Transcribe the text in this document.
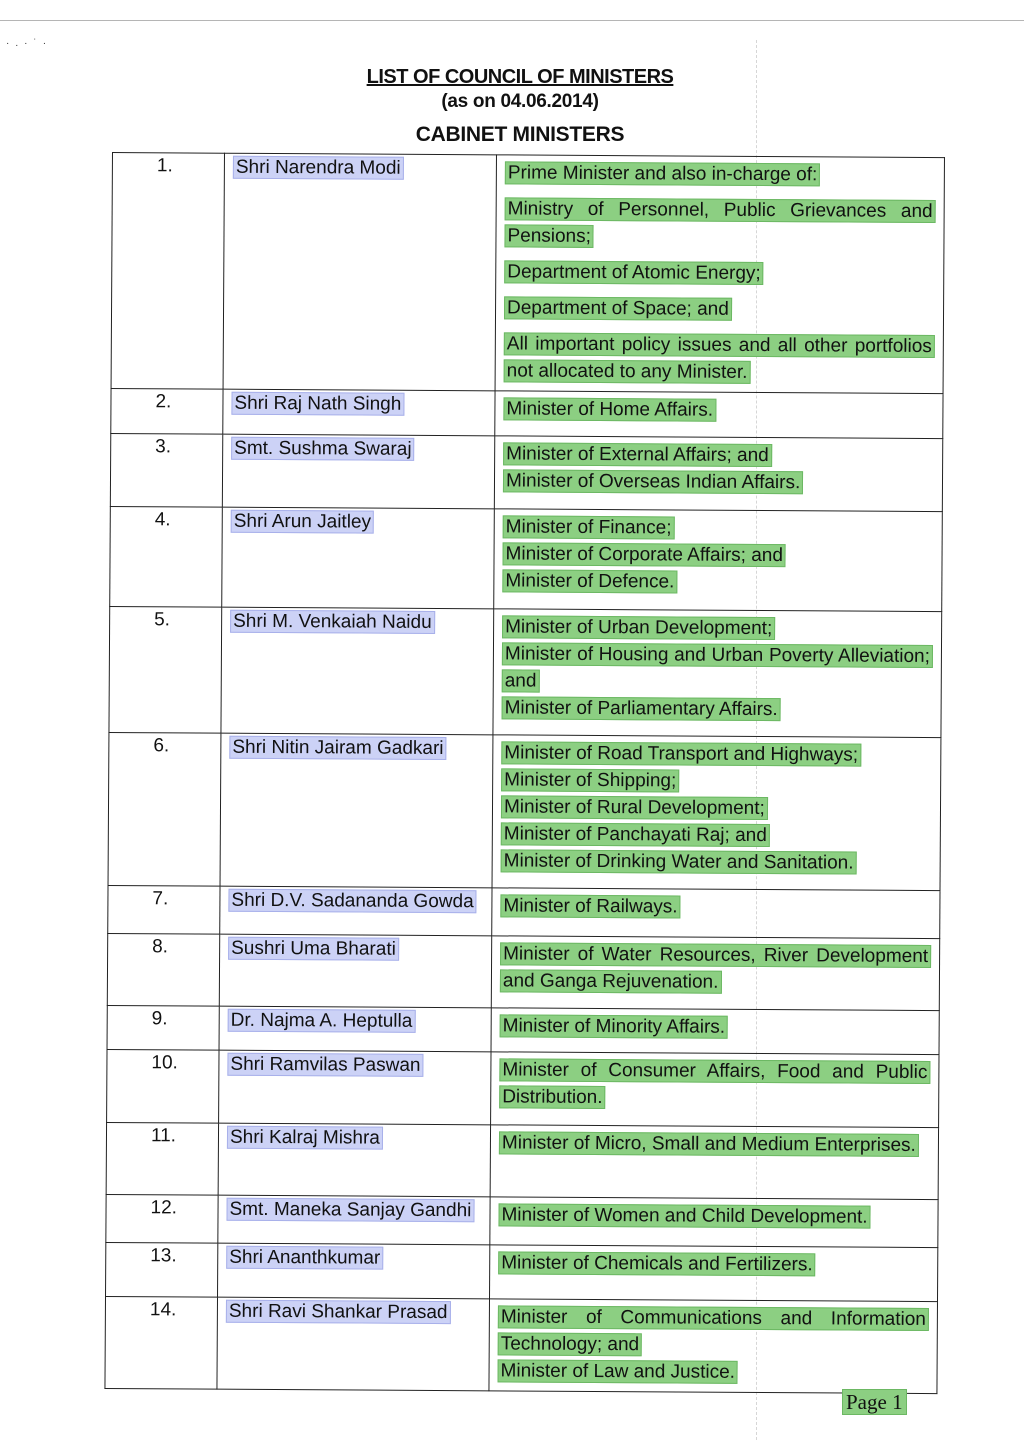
·.·˙·
LIST OF COUNCIL OF MINISTERS
(as on 04.06.2014)
CABINET MINISTERS
1.	Shri Narendra Modi	Prime Minister and also in-charge of:
Ministry of Personnel, Public Grievances and Pensions;
Department of Atomic Energy;
Department of Space; and
All important policy issues and all other portfolios not allocated to any Minister.

2.	Shri Raj Nath Singh	Minister of Home Affairs.

3.	Smt. Sushma Swaraj	Minister of External Affairs; and
Minister of Overseas Indian Affairs.

4.	Shri Arun Jaitley	Minister of Finance;
Minister of Corporate Affairs; and
Minister of Defence.

5.	Shri M. Venkaiah Naidu	Minister of Urban Development;
Minister of Housing and Urban Poverty Alleviation; and
Minister of Parliamentary Affairs.

6.	Shri Nitin Jairam Gadkari	Minister of Road Transport and Highways;
Minister of Shipping;
Minister of Rural Development;
Minister of Panchayati Raj; and
Minister of Drinking Water and Sanitation.

7.	Shri D.V. Sadananda Gowda	Minister of Railways.

8.	Sushri Uma Bharati	Minister of Water Resources, River Development and Ganga Rejuvenation.

9.	Dr. Najma A. Heptulla	Minister of Minority Affairs.

10.	Shri Ramvilas Paswan	Minister of Consumer Affairs, Food and Public Distribution.

11.	Shri Kalraj Mishra	Minister of Micro, Small and Medium Enterprises.

12.	Smt. Maneka Sanjay Gandhi	Minister of Women and Child Development.

13.	Shri Ananthkumar	Minister of Chemicals and Fertilizers.

14.	Shri Ravi Shankar Prasad	Minister of Communications and Information Technology; and
Minister of Law and Justice.
Page 1
